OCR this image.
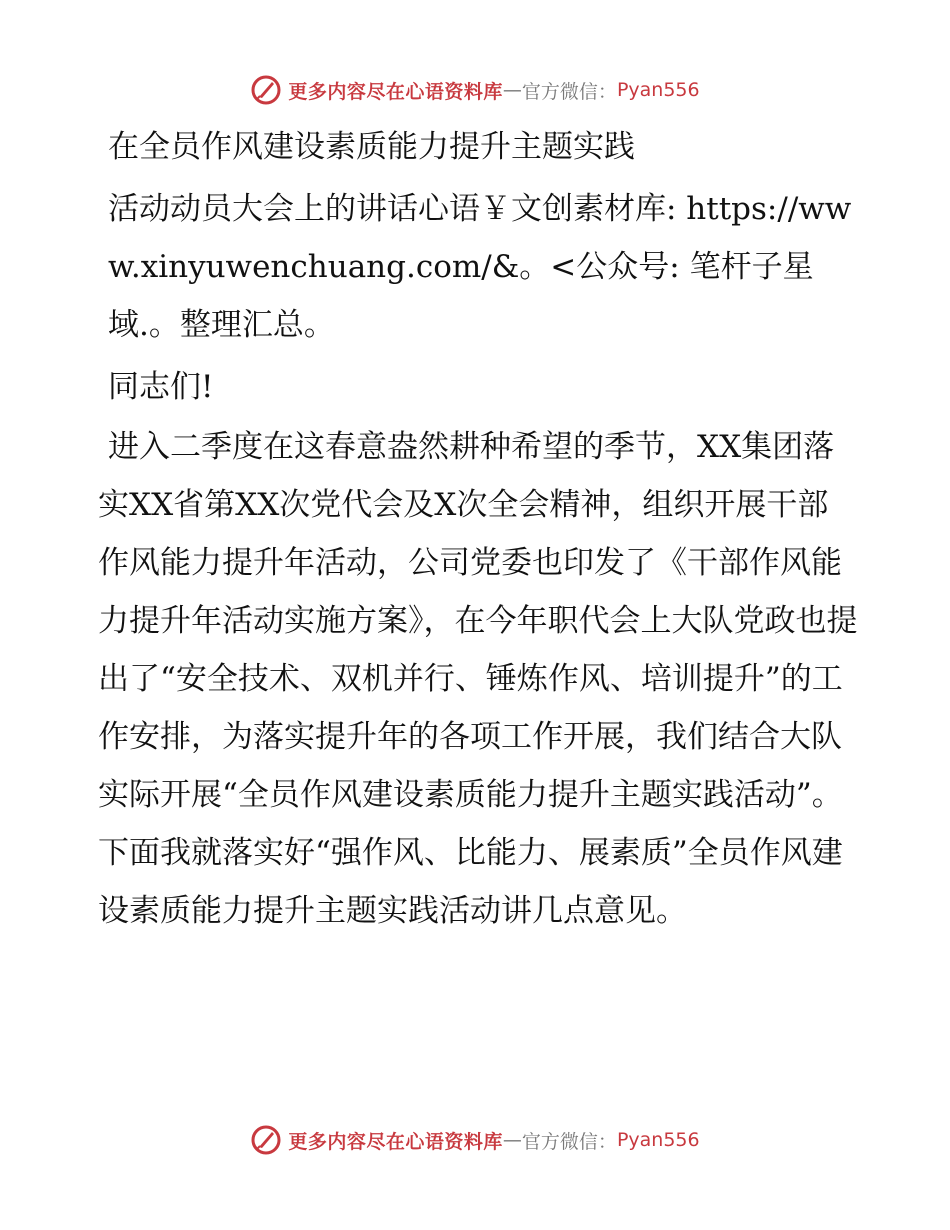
更多内容尽在心语资料库 — 官方微信： Pyan556

在全员作风建设素质能力提升主题实践

活动动员大会上的讲话心语￥文创素材库: https://www.xinyuwenchuang.com/&。<公众号: 笔杆子星域.。整理汇总。

同志们!

进入二季度在这春意盎然耕种希望的季节，XX集团落实XX省第XX次党代会及X次全会精神，组织开展干部作风能力提升年活动，公司党委也印发了《干部作风能力提升年活动实施方案》，在今年职代会上大队党政也提出了“安全技术、双机并行、锤炼作风、培训提升”的工作安排，为落实提升年的各项工作开展，我们结合大队实际开展“全员作风建设素质能力提升主题实践活动”。下面我就落实好“强作风、比能力、展素质”全员作风建设素质能力提升主题实践活动讲几点意见。

更多内容尽在心语资料库 — 官方微信： Pyan556
